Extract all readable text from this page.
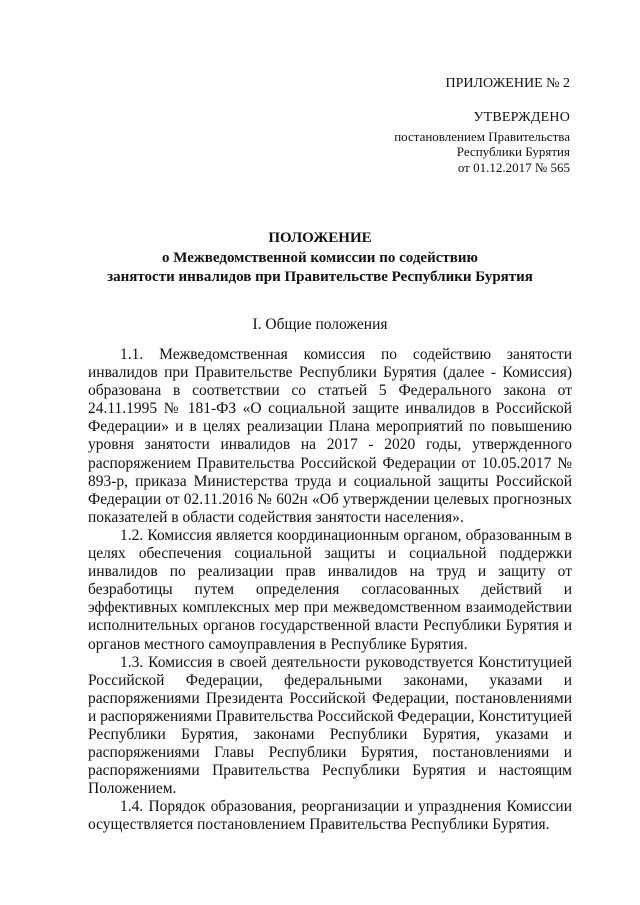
ПРИЛОЖЕНИЕ № 2
УТВЕРЖДЕНО
постановлением Правительства
Республики Бурятия
от 01.12.2017 № 565
ПОЛОЖЕНИЕ
о Межведомственной комиссии по содействию
занятости инвалидов при Правительстве Республики Бурятия
I. Общие положения

1.1. Межведомственная комиссия по содействию занятости инвалидов при Правительстве Республики Бурятия (далее - Комиссия) образована в соответствии со статьей 5 Федерального закона от 24.11.1995 № 181-ФЗ «О социальной защите инвалидов в Российской Федерации» и в целях реализации Плана мероприятий по повышению уровня занятости инвалидов на 2017 - 2020 годы, утвержденного распоряжением Правительства Российской Федерации от 10.05.2017 № 893-р, приказа Министерства труда и социальной защиты Российской Федерации от 02.11.2016 № 602н «Об утверждении целевых прогнозных показателей в области содействия занятости населения».

1.2. Комиссия является координационным органом, образованным в целях обеспечения социальной защиты и социальной поддержки инвалидов по реализации прав инвалидов на труд и защиту от безработицы путем определения согласованных действий и эффективных комплексных мер при межведомственном взаимодействии исполнительных органов государственной власти Республики Бурятия и органов местного самоуправления в Республике Бурятия.

1.3. Комиссия в своей деятельности руководствуется Конституцией Российской Федерации, федеральными законами, указами и распоряжениями Президента Российской Федерации, постановлениями и распоряжениями Правительства Российской Федерации, Конституцией Республики Бурятия, законами Республики Бурятия, указами и распоряжениями Главы Республики Бурятия, постановлениями и распоряжениями Правительства Республики Бурятия и настоящим Положением.

1.4. Порядок образования, реорганизации и упразднения Комиссии осуществляется постановлением Правительства Республики Бурятия.
